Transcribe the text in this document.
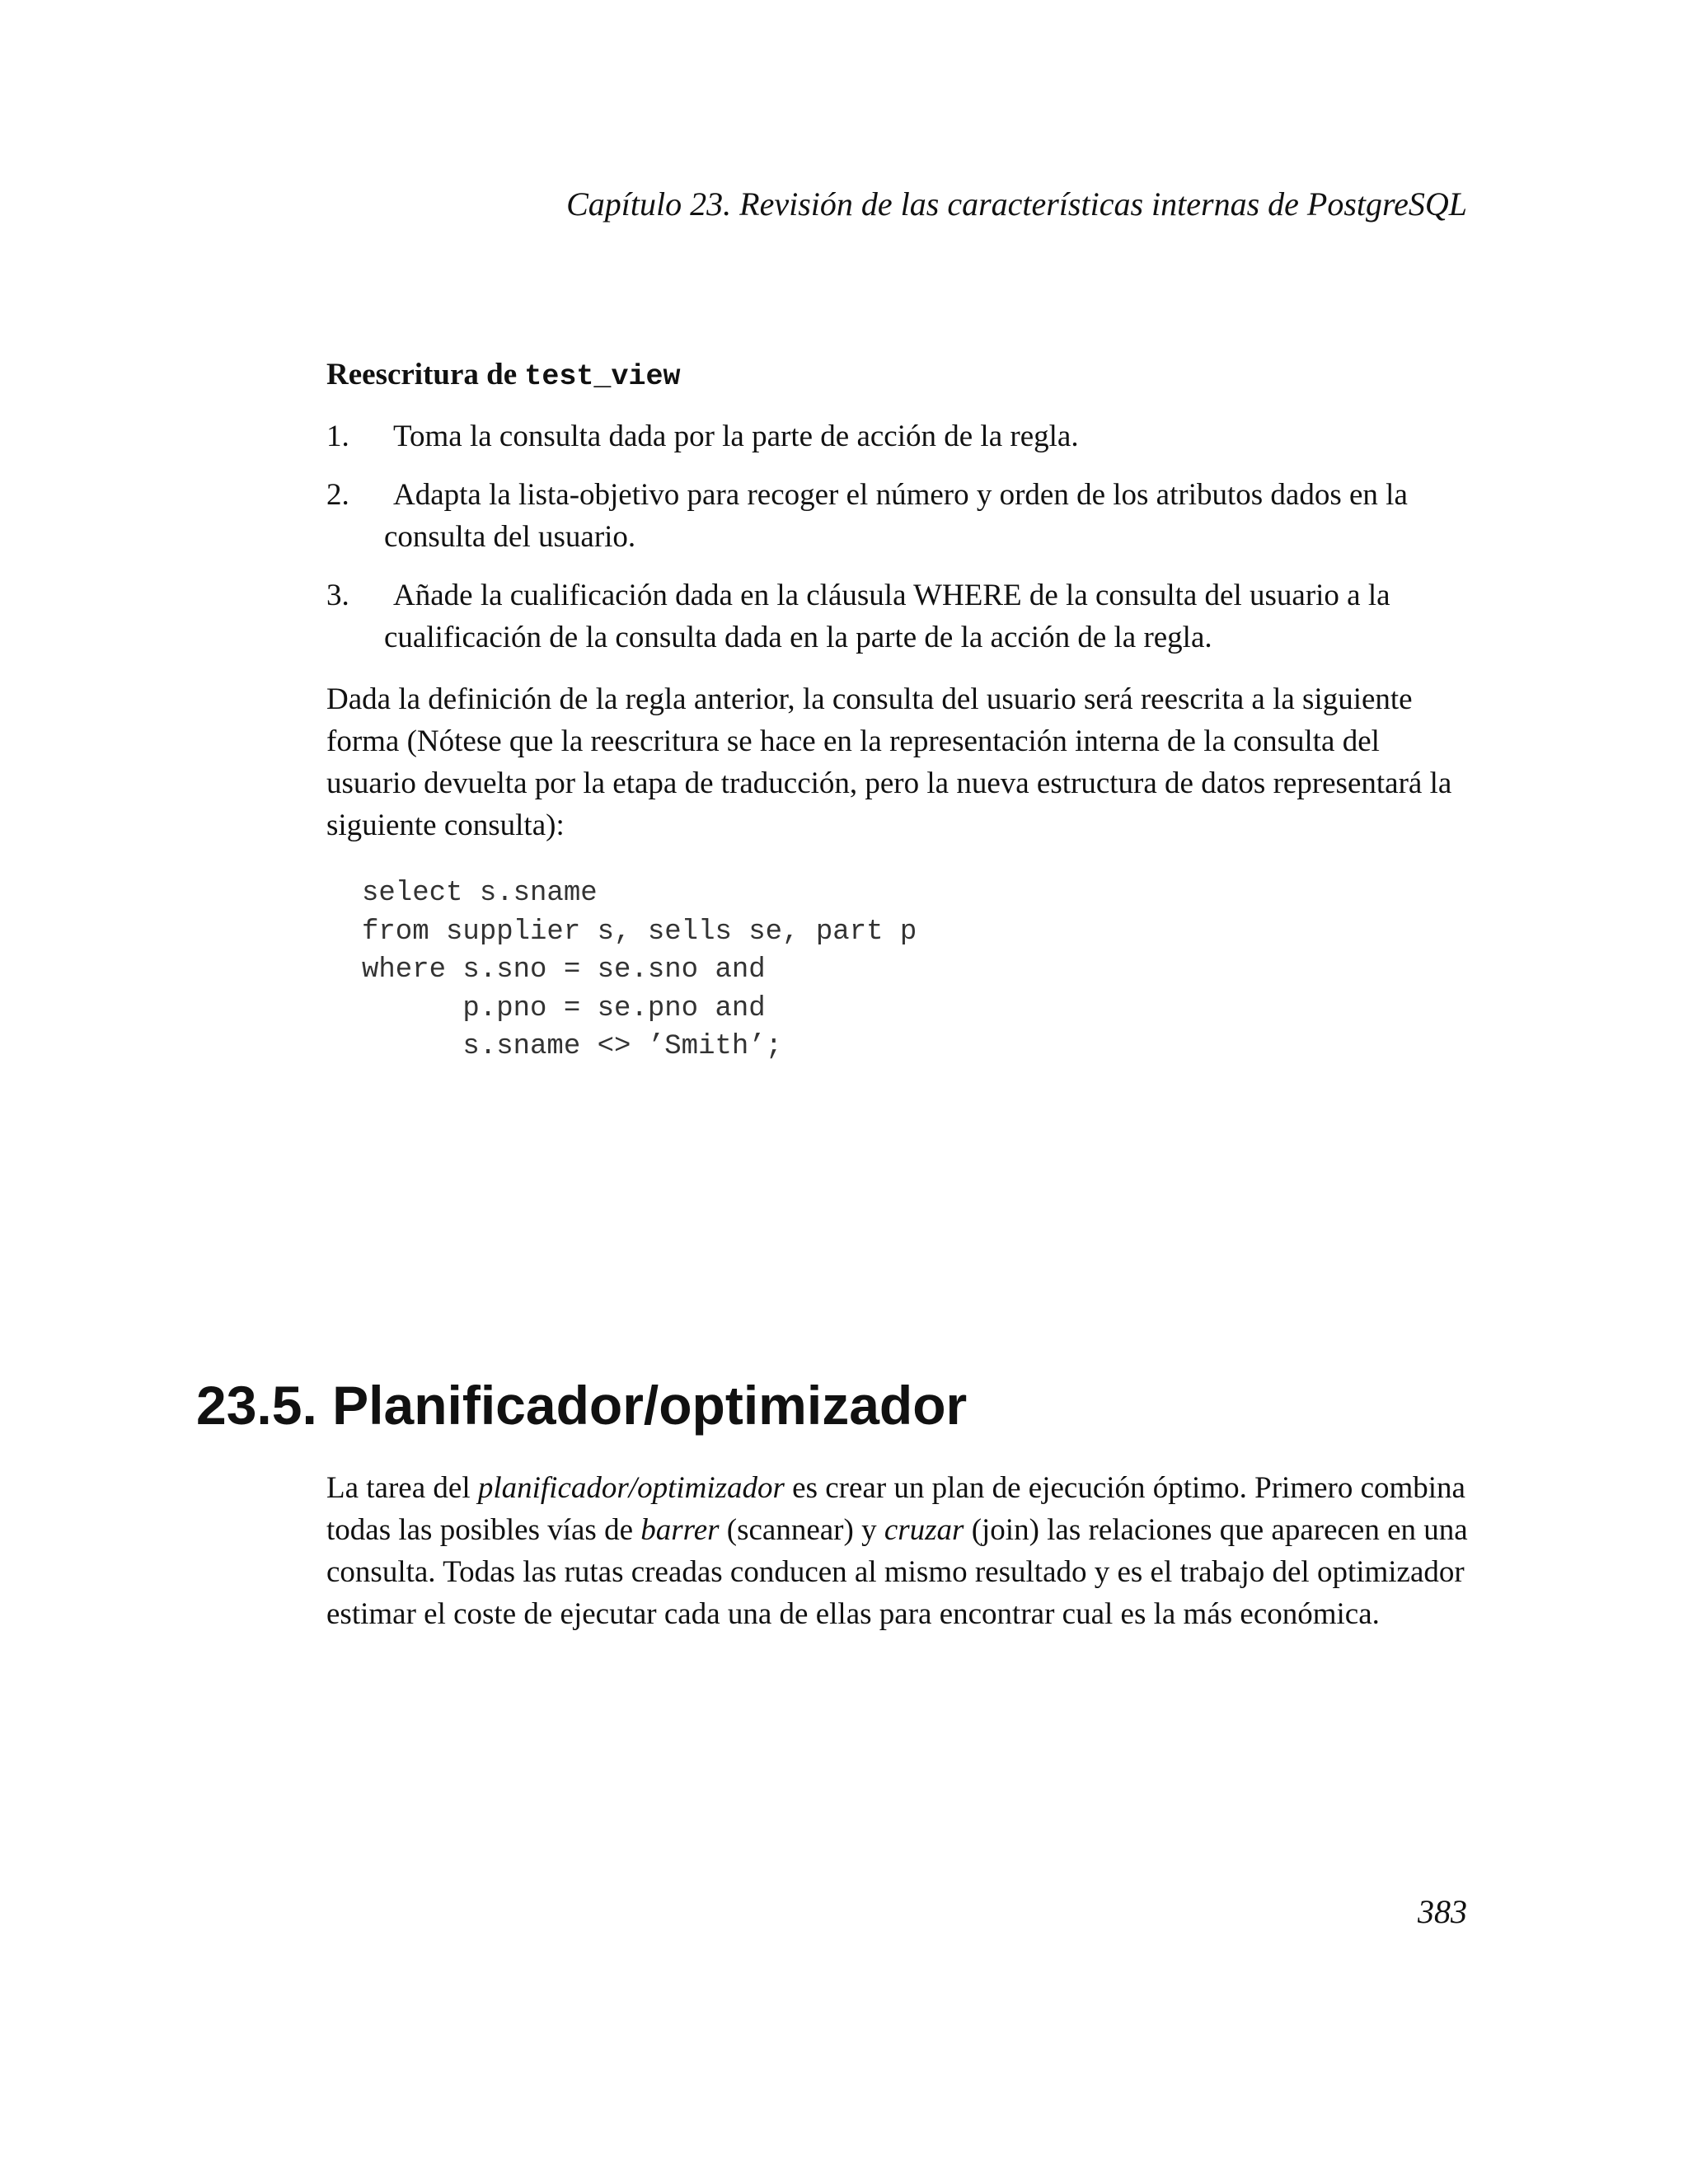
Capítulo 23. Revisión de las características internas de PostgreSQL
Reescritura de test_view
1. Toma la consulta dada por la parte de acción de la regla.
2. Adapta la lista-objetivo para recoger el número y orden de los atributos dados en la consulta del usuario.
3. Añade la cualificación dada en la cláusula WHERE de la consulta del usuario a la cualificación de la consulta dada en la parte de la acción de la regla.

Dada la definición de la regla anterior, la consulta del usuario será reescrita a la siguiente forma (Nótese que la reescritura se hace en la representación interna de la consulta del usuario devuelta por la etapa de traducción, pero la nueva estructura de datos representará la siguiente consulta):

select s.sname
from supplier s, sells se, part p
where s.sno = se.sno and
p.pno = se.pno and
s.sname <> ’Smith’;
23.5. Planificador/optimizador

La tarea del planificador/optimizador es crear un plan de ejecución óptimo. Primero combina todas las posibles vías de barrer (scannear) y cruzar (join) las relaciones que aparecen en una consulta. Todas las rutas creadas conducen al mismo resultado y es el trabajo del optimizador estimar el coste de ejecutar cada una de ellas para encontrar cual es la más económica.

383
